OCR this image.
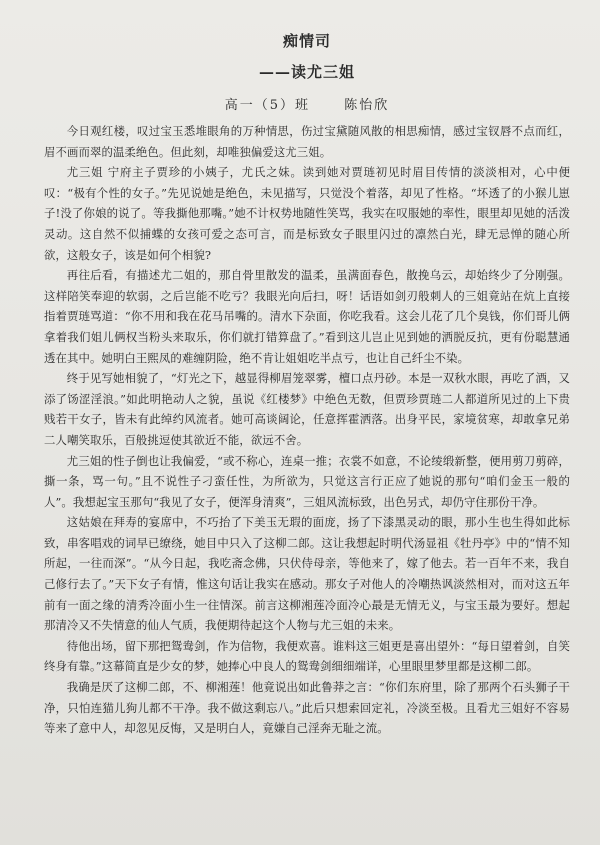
痴情司
——读尤三姐
高一（5）班	陈怡欣

今日观红楼，叹过宝玉悉堆眼角的万种情思，伤过宝黛随风散的相思痴情，感过宝钗唇不点而红，眉不画而翠的温柔绝色。但此刻，却唯独偏爱这尤三姐。

尤三姐 宁府主子贾珍的小姨子，尤氏之妹。读到她对贾琏初见时眉目传情的淡淡相对，心中便叹：“极有个性的女子。”先见说她是绝色，未见描写，只觉没个着落，却见了性格。“坏透了的小猴儿崽子!没了你娘的说了。等我撕他那嘴。”她不计权势地随性笑骂，我实在叹服她的率性，眼里却见她的活泼灵动。这自然不似捕蝶的女孩可爱之态可言，而是标致女子眼里闪过的凛然白光，肆无忌惮的随心所欲，这般女子，该是如何个相貌?

再往后看，有描述尤二姐的，那自骨里散发的温柔，虽满面春色，散挽乌云，却始终少了分刚强。这样陪笑奉迎的软弱，之后岂能不吃亏？我眼光向后扫，呀！话语如剑刃般刺人的三姐竟站在炕上直接指着贾琏骂道：“你不用和我在花马吊嘴的。清水下杂面，你吃我看。这会儿花了几个臭钱，你们哥儿俩拿着我们姐儿俩权当粉头来取乐，你们就打错算盘了。”看到这儿岂止见到她的洒脱反抗，更有份聪慧通透在其中。她明白王熙凤的难缠阴险，绝不肯让姐姐吃半点亏，也让自己纤尘不染。

终于见写她相貌了，“灯光之下，越显得柳眉笼翠雾，檀口点丹砂。本是一双秋水眼，再吃了酒，又添了饧涩淫浪。”如此明艳动人之貌，虽说《红楼梦》中绝色无数，但贾珍贾琏二人都道所见过的上下贵贱若干女子，皆未有此绰约风流者。她可高谈阔论，任意挥霍洒落。出身平民，家境贫寒，却敢拿兄弟二人嘲笑取乐，百般挑逗使其欲近不能，欲远不舍。

尤三姐的性子倒也让我偏爱，“或不称心，连桌一推；衣裳不如意，不论绫缎新整，便用剪刀剪碎，撕一条，骂一句。”且不说性子刁蛮任性，为所欲为，只觉这言行正应了她说的那句“咱们金玉一般的人”。我想起宝玉那句“我见了女子，便浑身清爽”，三姐风流标致，出色另式，却仍守住那份干净。

这姑娘在拜寿的宴席中，不巧抬了下美玉无瑕的面庞，扬了下漆黑灵动的眼，那小生也生得如此标致，串客唱戏的词早已缭绕，她目中只入了这柳二郎。这让我想起时明代汤显祖《牡丹亭》中的“情不知所起，一往而深”。“从今日起，我吃斋念佛，只伏侍母亲，等他来了，嫁了他去。若一百年不来，我自己修行去了。”天下女子有情，惟这句话让我实在感动。那女子对他人的冷嘲热讽淡然相对，而对这五年前有一面之缘的清秀冷面小生一往情深。前言这柳湘莲冷面冷心最是无情无义，与宝玉最为要好。想起那清冷又不失情意的仙人气质，我便期待起这个人物与尤三姐的未来。

待他出场，留下那把鸳鸯剑，作为信物，我便欢喜。谁料这三姐更是喜出望外：“每日望着剑，自笑终身有靠。”这幕简直是少女的梦，她捧心中良人的鸳鸯剑细细端详，心里眼里梦里都是这柳二郎。

我确是厌了这柳二郎，不、柳湘莲！他竟说出如此鲁莽之言：“你们东府里，除了那两个石头狮子干净，只怕连猫儿狗儿都不干净。我不做这剩忘八。”此后只想索回定礼，冷淡至极。且看尤三姐好不容易等来了意中人，却忽见反悔，又是明白人，竟嫌自己淫奔无耻之流。
